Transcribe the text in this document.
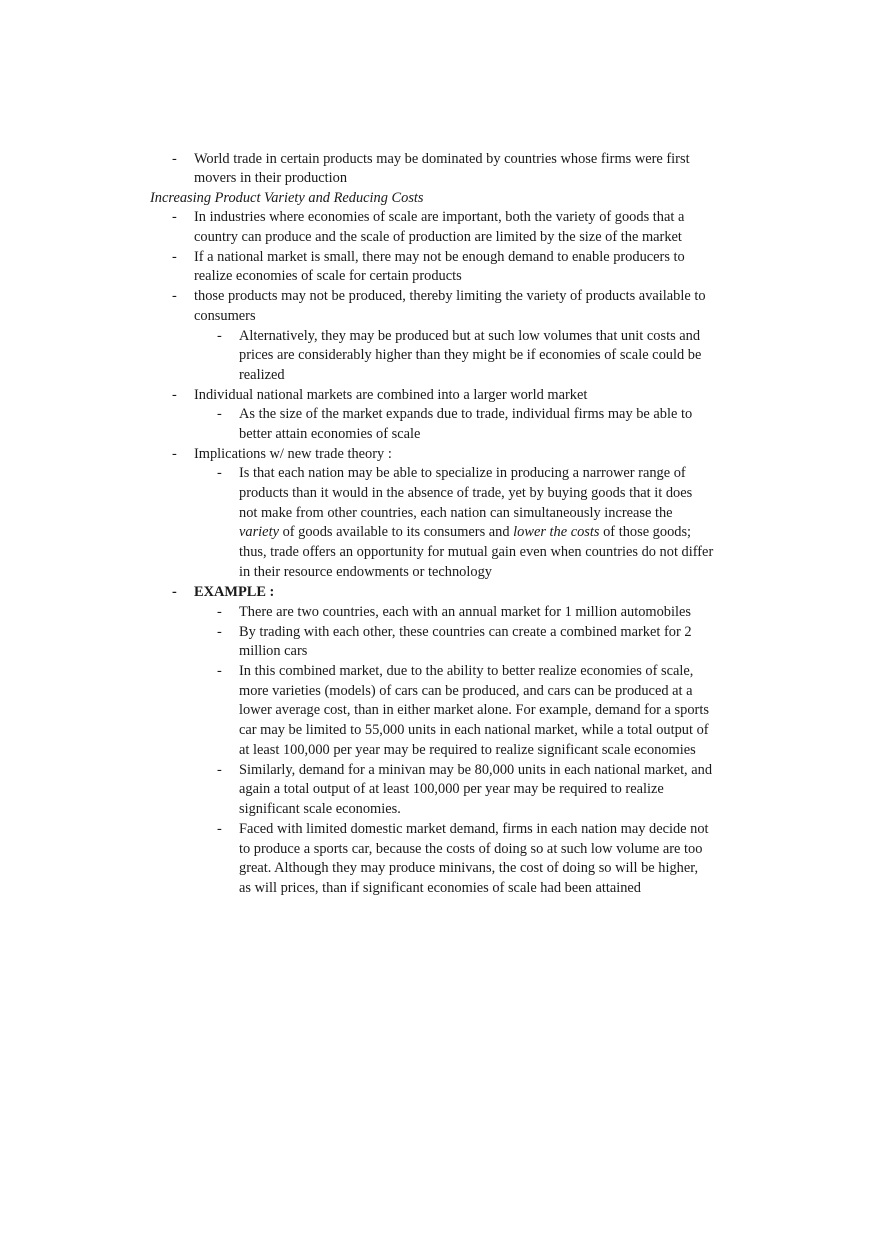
- World trade in certain products may be dominated by countries whose firms were first
movers in their production
Increasing Product Variety and Reducing Costs
- In industries where economies of scale are important, both the variety of goods that a
country can produce and the scale of production are limited by the size of the market
- If a national market is small, there may not be enough demand to enable producers to
realize economies of scale for certain products
- those products may not be produced, thereby limiting the variety of products available to
consumers
- Alternatively, they may be produced but at such low volumes that unit costs and
prices are considerably higher than they might be if economies of scale could be
realized
- Individual national markets are combined into a larger world market
- As the size of the market expands due to trade, individual firms may be able to
better attain economies of scale
- Implications w/ new trade theory :
- Is that each nation may be able to specialize in producing a narrower range of
products than it would in the absence of trade, yet by buying goods that it does
not make from other countries, each nation can simultaneously increase the
variety of goods available to its consumers and lower the costs of those goods;
thus, trade offers an opportunity for mutual gain even when countries do not differ
in their resource endowments or technology
- EXAMPLE :
- There are two countries, each with an annual market for 1 million automobiles
- By trading with each other, these countries can create a combined market for 2
million cars
- In this combined market, due to the ability to better realize economies of scale,
more varieties (models) of cars can be produced, and cars can be produced at a
lower average cost, than in either market alone. For example, demand for a sports
car may be limited to 55,000 units in each national market, while a total output of
at least 100,000 per year may be required to realize significant scale economies
- Similarly, demand for a minivan may be 80,000 units in each national market, and
again a total output of at least 100,000 per year may be required to realize
significant scale economies.
- Faced with limited domestic market demand, firms in each nation may decide not
to produce a sports car, because the costs of doing so at such low volume are too
great. Although they may produce minivans, the cost of doing so will be higher,
as will prices, than if significant economies of scale had been attained
